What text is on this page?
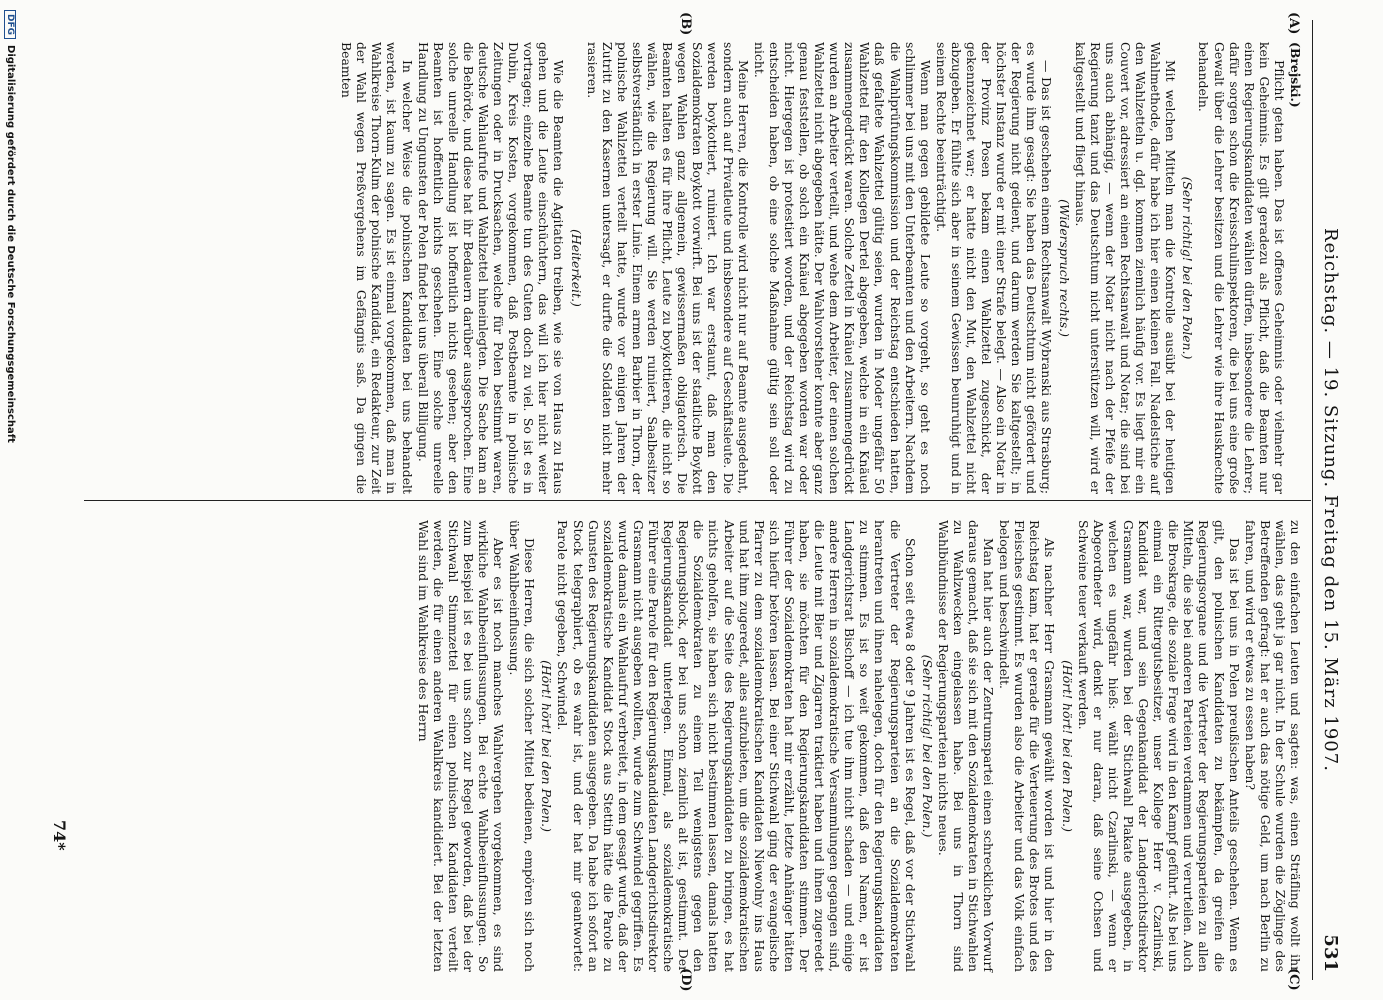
Reichstag. — 19. Sitzung. Freitag den 15. März 1907.
531
(A)
(B)
(C)
(D)

(Brejski.)

Pflicht getan haben. Das ist offenes Geheimnis oder vielmehr gar kein Geheimnis. Es gilt geradezu als Pflicht, daß die Beamten nur einen Regierungskandidaten wählen dürfen, insbesondere die Lehrer; dafür sorgen schon die Kreisschulinspektoren, die bei uns eine große Gewalt über die Lehrer besitzen und die Lehrer wie ihre Hausknechte behandeln.

(Sehr richtig! bei den Polen.)

Mit welchen Mitteln man die Kontrolle ausübt bei der heutigen Wahlmethode, dafür habe ich hier einen kleinen Fall. Nadelstiche auf den Wahlzetteln u. dgl. kommen ziemlich häufig vor. Es liegt mir ein Couvert vor, adressiert an einen Rechtsanwalt und Notar; die sind bei uns auch abhängig, — wenn der Notar nicht nach der Pfeife der Regierung tanzt und das Deutschtum nicht unterstützen will, wird er kaltgestellt und fliegt hinaus.

(Widerspruch rechts.)

— Das ist geschehen einem Rechtsanwalt Wybranski aus Strasburg; es wurde ihm gesagt: Sie haben das Deutschtum nicht gefördert und der Regierung nicht gedient, und darum werden Sie kaltgestellt; in höchster Instanz wurde er mit einer Strafe belegt. — Also ein Notar in der Provinz Posen bekam einen Wahlzettel zugeschickt, der gekennzeichnet war; er hatte nicht den Mut, den Wahlzettel nicht abzugeben. Er fühlte sich aber in seinem Gewissen beunruhigt und in seinem Rechte beeinträchtigt.

Wenn man gegen gebildete Leute so vorgeht, so geht es noch schlimmer bei uns mit den Unterbeamten und den Arbeitern. Nachdem die Wahlprüfungskommission und der Reichstag entschieden hatten, daß gefaltete Wahlzettel gültig seien, wurden in Moder ungefähr 50 Wahlzettel für den Kollegen Dertel abgegeben, welche in ein Knäuel zusammengedrückt waren. Solche Zettel in Knäuel zusammengedrückt wurden an Arbeiter verteilt, und wehe dem Arbeiter, der einen solchen Wahlzettel nicht abgegeben hätte. Der Wahlvorsteher konnte aber ganz genau feststellen, ob solch ein Knäuel abgegeben worden war oder nicht. Hiergegen ist protestiert worden, und der Reichstag wird zu entscheiden haben, ob eine solche Maßnahme gültig sein soll oder nicht.

Meine Herren, die Kontrolle wird nicht nur auf Beamte ausgedehnt, sondern auch auf Privatleute und insbesondere auf Geschäftsleute. Die werden boykottiert, ruiniert. Ich war erstaunt, daß man den Sozialdemokraten Boykott vorwirft. Bei uns ist der staatliche Boykott wegen Wahlen ganz allgemein, gewissermaßen obligatorisch. Die Beamten halten es für ihre Pflicht, Leute zu boykottieren, die nicht so wählen, wie die Regierung will. Sie werden ruiniert, Saalbesitzer selbstverständlich in erster Linie. Einem armen Barbier in Thorn, der polnische Wahlzettel verteilt hatte, wurde vor einigen Jahren der Zutritt zu den Kasernen untersagt, er durfte die Soldaten nicht mehr rasieren.

(Heiterkeit.)

Wie die Beamten die Agitation treiben, wie sie von Haus zu Haus gehen und die Leute einschüchtern, das will ich hier nicht weiter vortragen; einzelne Beamte tun des Guten doch zu viel. So ist es in Dubin, Kreis Kosten, vorgekommen, daß Postbeamte in polnische Zeitungen oder in Drucksachen, welche für Polen bestimmt waren, deutsche Wahlaufrufe und Wahlzettel hineinlegten. Die Sache kam an die Behörde, und diese hat ihr Bedauern darüber ausgesprochen. Eine solche unreelle Handlung ist hoffentlich nichts gesehen; aber den Beamten ist hoffentlich nichts geschehen. Eine solche unreelle Handlung zu Ungunsten der Polen findet bei uns überall Billigung.

In welcher Weise die polnischen Kandidaten bei uns behandelt werden, ist kaum zu sagen. Es ist einmal vorgekommen, daß man in Wahlkreise Thorn-Kulm der polnische Kandidat, ein Redakteur, zur Zeit der Wahl wegen Preßvergehens im Gefängnis saß. Da gingen die Beamten

zu den einfachen Leuten und sagten: was, einen Sträfling wollt ihr wählen, das geht ja gar nicht. In der Schule wurden die Zöglinge des Betreffenden gefragt: hat er auch das nötige Geld, um nach Berlin zu fahren, und wird er etwas zu essen haben?

Das ist bei uns in Polen preußischen Anteils geschehen. Wenn es gilt, den polnischen Kandidaten zu bekämpfen, da greifen die Regierungsorgane und die Vertreter der Regierungsparteien zu allen Mitteln, die sie bei anderen Parteien verdammen und verurteilen. Auch die Broskrage, die soziale Frage wird in den Kampf geführt. Als bei uns einmal ein Rittergutsbesitzer, unser Kollege Herr v. Czarlinski, Kandidat war, und sein Gegenkandidat der Landgerichtsdirektor Grasmann war, wurden bei der Stichwahl Plakate ausgegeben, in welchen es ungefähr hieß: wählt nicht Czarlinski, — wenn er Abgeordneter wird, denkt er nur daran, daß seine Ochsen und Schweine teuer verkauft werden.

(Hört! hört! bei den Polen.)

Als nachher Herr Grasmann gewählt worden ist und hier in den Reichstag kam, hat er gerade für die Verteuerung des Brotes und des Fleisches gestimmt. Es wurden also die Arbeiter und das Volk einfach belogen und beschwindelt.

Man hat hier auch der Zentrumspartei einen schrecklichen Vorwurf daraus gemacht, daß sie sich mit den Sozialdemokraten in Stichwahlen zu Wahlzwecken eingelassen habe. Bei uns in Thorn sind Wahlbündnisse der Regierungsparteien nichts neues.

(Sehr richtig! bei den Polen.)

Schon seit etwa 8 oder 9 Jahren ist es Regel, daß vor der Stichwahl die Vertreter der Regierungsparteien an die Sozialdemokraten herantreten und ihnen nahelegen, doch für den Regierungskandidaten zu stimmen. Es ist so weit gekommen, daß den Namen, er ist Landgerichtsrat Bischoff — ich tue ihm nicht schaden — und einige andere Herren in sozialdemokratische Versammlungen gegangen sind, die Leute mit Bier und Zigarren traktiert haben und ihnen zugeredet haben, sie möchten für den Regierungskandidaten stimmen. Der Führer der Sozialdemokraten hat mir erzählt, letzte Anhänger hätten sich hiefür betören lassen. Bei einer Stichwahl ging der evangelische Pfarrer zu dem sozialdemokratischen Kandidaten Niewolny ins Haus und hat ihm zugeredet, alles aufzubieten, um die sozialdemokratischen Arbeiter auf die Seite des Regierungskandidaten zu bringen, es hat nichts geholfen, sie haben sich nicht bestimmen lassen, damals hatten die Sozialdemokraten zu einem Teil wenigstens gegen den Regierungsblock, der bei uns schon ziemlich alt ist, gestimmt. Der Regierungskandidat unterlegen. Einmal, als sozialdemokratische Führer eine Parole für den Regierungskandidaten Landgerichtsdirektor Grasmann nicht ausgeben wollten, wurde zum Schwindel gegriffen. Es wurde damals ein Wahlaufruf verbreitet, in dem gesagt wurde, daß der sozialdemokratische Kandidat Stock aus Stettin hätte die Parole zu Gunsten des Regierungskandidaten ausgegeben. Da habe ich sofort an Stock telegraphiert, ob es wahr ist, und der hat mir geantwortet: Parole nicht gegeben, Schwindel.

(Hört! hört! bei den Polen.)

Diese Herren, die sich solcher Mittel bedienen, empören sich noch über Wahlbeeinflussung.

Aber es ist noch manches Wahlvergehen vorgekommen, es sind wirkliche Wahlbeeinflussungen. Bei echte Wahlbeeinflussungen. So zum Beispiel ist es bei uns schon zur Regel geworden, daß bei der Stichwahl Stimmzettel für einen polnischen Kandidaten verteilt werden, die für einen anderen Wahlkreis kandidiert. Bei der letzten Wahl sind im Wahlkreise des Herrn

74*
DFGDigitalisierung gefördert durch die Deutsche Forschungsgemeinschaft
